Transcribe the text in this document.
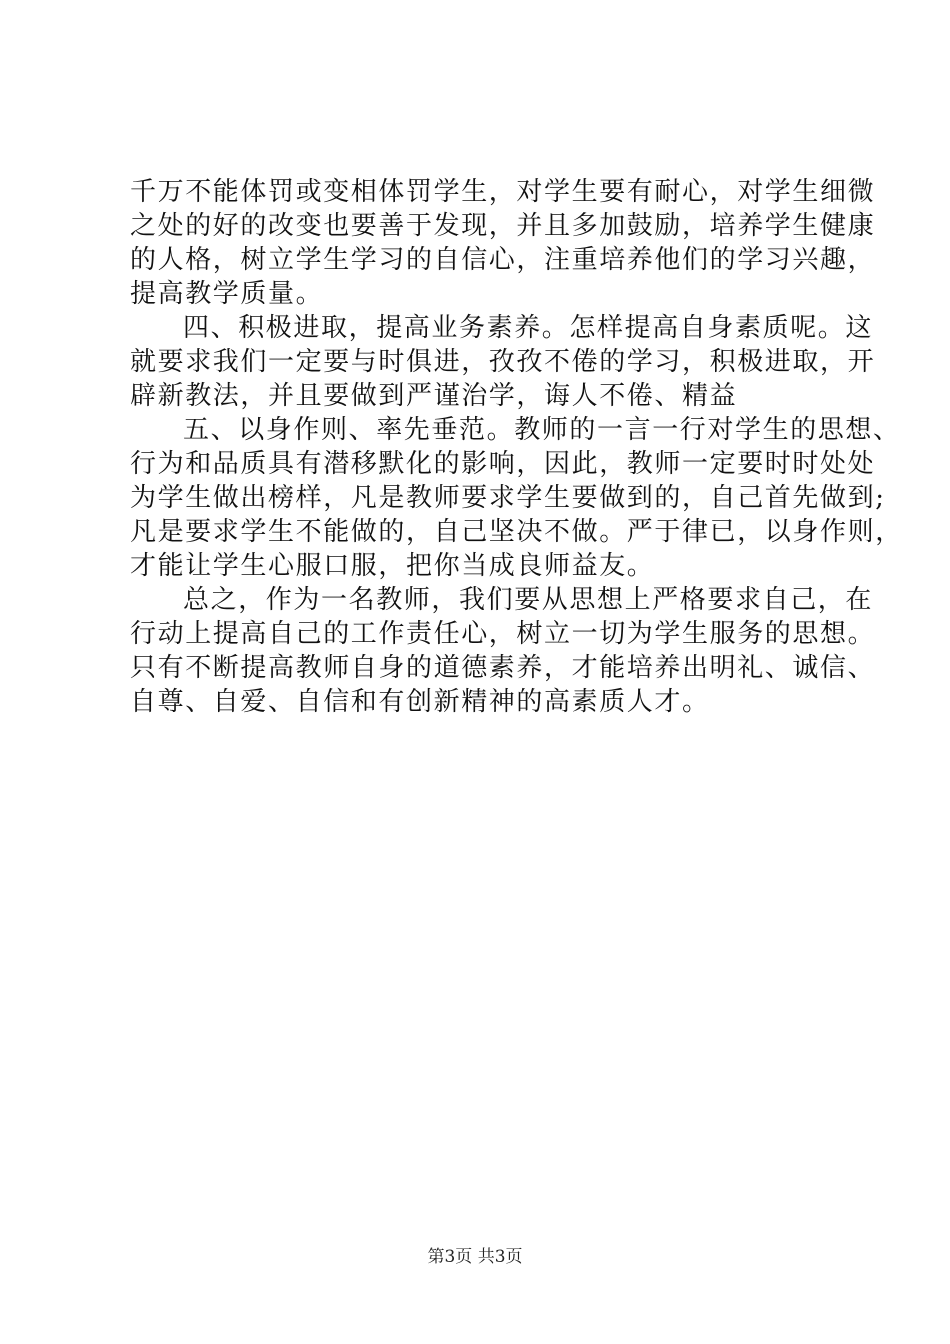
千万不能体罚或变相体罚学生，对学生要有耐心，对学生细微
之处的好的改变也要善于发现，并且多加鼓励，培养学生健康
的人格，树立学生学习的自信心，注重培养他们的学习兴趣，
提高教学质量。
四、积极进取，提高业务素养。怎样提高自身素质呢。这
就要求我们一定要与时俱进，孜孜不倦的学习，积极进取，开
辟新教法，并且要做到严谨治学，诲人不倦、精益
五、以身作则、率先垂范。教师的一言一行对学生的思想、
行为和品质具有潜移默化的影响，因此，教师一定要时时处处
为学生做出榜样，凡是教师要求学生要做到的，自己首先做到;
凡是要求学生不能做的，自己坚决不做。严于律已，以身作则，
才能让学生心服口服，把你当成良师益友。
总之，作为一名教师，我们要从思想上严格要求自己，在
行动上提高自己的工作责任心，树立一切为学生服务的思想。
只有不断提高教师自身的道德素养，才能培养出明礼、诚信、
自尊、自爱、自信和有创新精神的高素质人才。
第3页 共3页
